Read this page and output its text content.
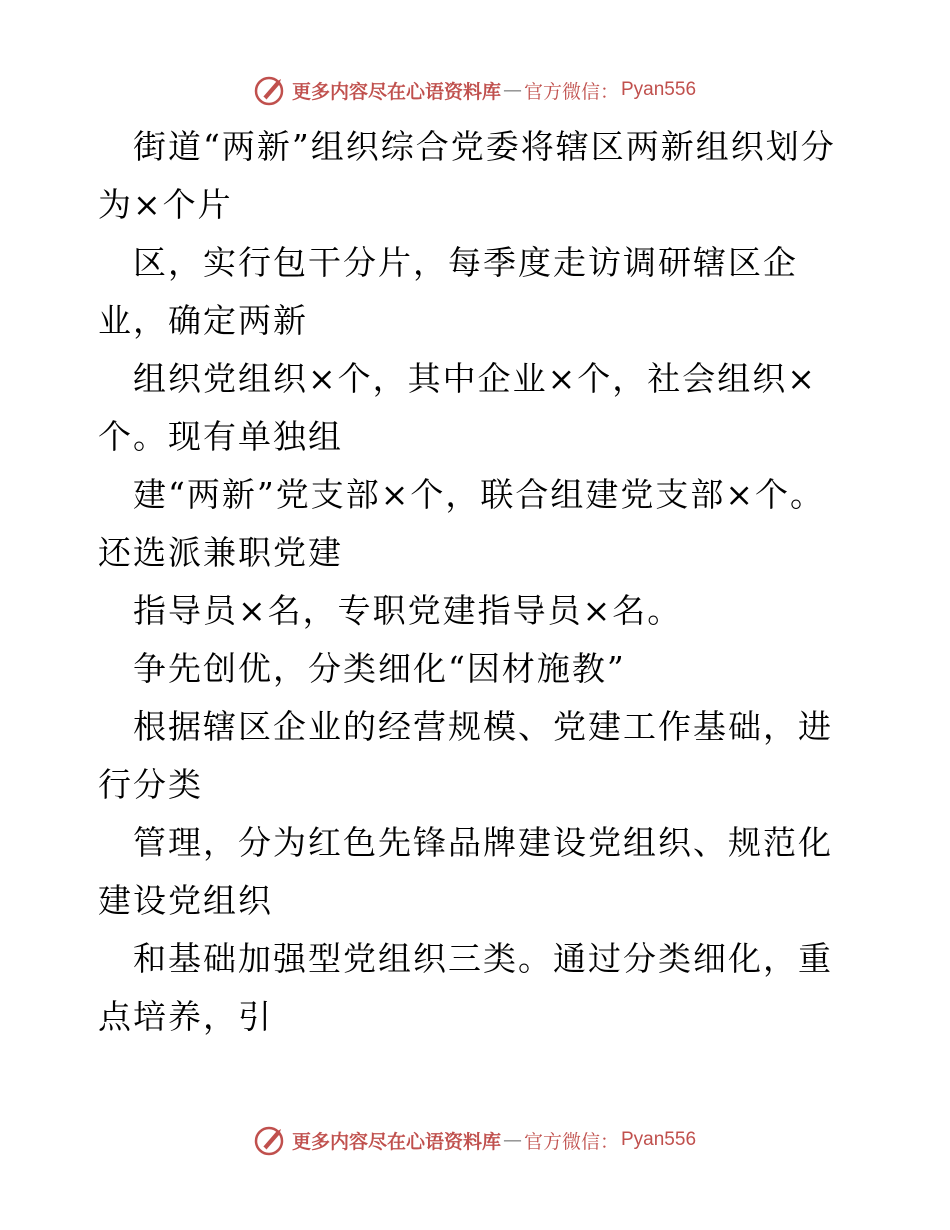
更多内容尽在心语资料库 — 官方微信： Pyan556

　街道“两新”组织综合党委将辖区两新组织划分为×个片

　区，实行包干分片，每季度走访调研辖区企业，确定两新

　组织党组织×个，其中企业×个，社会组织×个。现有单独组

　建“两新”党支部×个，联合组建党支部×个。还选派兼职党建

　指导员×名，专职党建指导员×名。

　争先创优，分类细化“因材施教”

　根据辖区企业的经营规模、党建工作基础，进行分类

　管理，分为红色先锋品牌建设党组织、规范化建设党组织

　和基础加强型党组织三类。通过分类细化，重点培养，引

更多内容尽在心语资料库 — 官方微信： Pyan556
